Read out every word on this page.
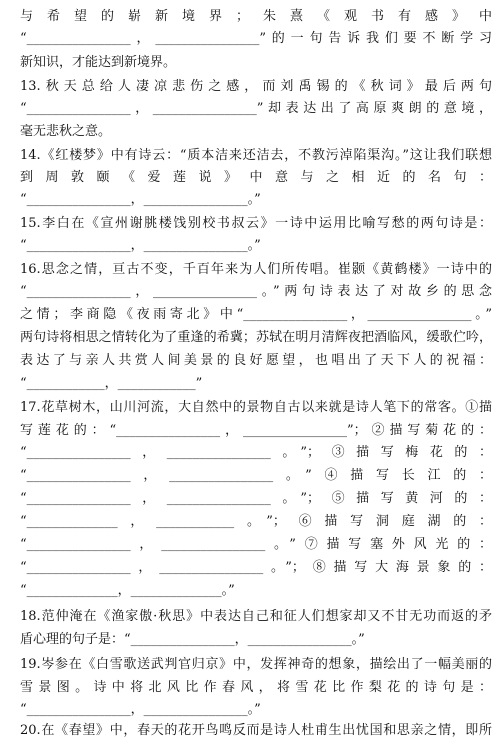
与希望的崭新境界；朱熹《观书有感》中
“________________，________________”的一句告诉我们要不断学习
新知识，才能达到新境界。
13.秋天总给人凄凉悲伤之感，而刘禹锡的《秋词》最后两句
“________________，________________”却表达出了高原爽朗的意境，
毫无悲秋之意。
14.《红楼梦》中有诗云：“质本洁来还洁去，不教污淖陷渠沟。”这让我们联想
到周敦颐《爱莲说》中意与之相近的名句：
“________________，________________。”
15.李白在《宣州谢朓楼饯别校书叔云》一诗中运用比喻写愁的两句诗是：
“________________，________________。”
16.思念之情，亘古不变，千百年来为人们所传唱。崔颢《黄鹤楼》一诗中的
“________________，________________。”两句诗表达了对故乡的思念
之情；李商隐《夜雨寄北》中“________________，________________。”
两句诗将相思之情转化为了重逢的希冀；苏轼在明月清辉夜把酒临风，缓歌伫吟，
表达了与亲人共赏人间美景的良好愿望，也唱出了天下人的祝福：
“____________，____________”
17.花草树木，山川河流，大自然中的景物自古以来就是诗人笔下的常客。①描
写莲花的：“________________，________________”；②描写菊花的：
“________________，________________。”；③描写梅花的：
“________________，________________。”④描写长江的：
“________________，________________。”；⑤描写黄河的：
“______________，____________。”；⑥描写洞庭湖的：
“________________，________________。”⑦描写塞外风光的：
“________________，________________。”；⑧描写大海景象的：
“______________，______________。”
18.范仲淹在《渔家傲·秋思》中表达自己和征人们想家却又不甘无功而返的矛
盾心理的句子是：“________________，________________。”
19.岑参在《白雪歌送武判官归京》中，发挥神奇的想象，描绘出了一幅美丽的
雪景图。诗中将北风比作春风，将雪花比作梨花的诗句是：
“________________，________________。”
20.在《春望》中，春天的花开鸟鸣反而是诗人杜甫生出忧国和思亲之情，即所
